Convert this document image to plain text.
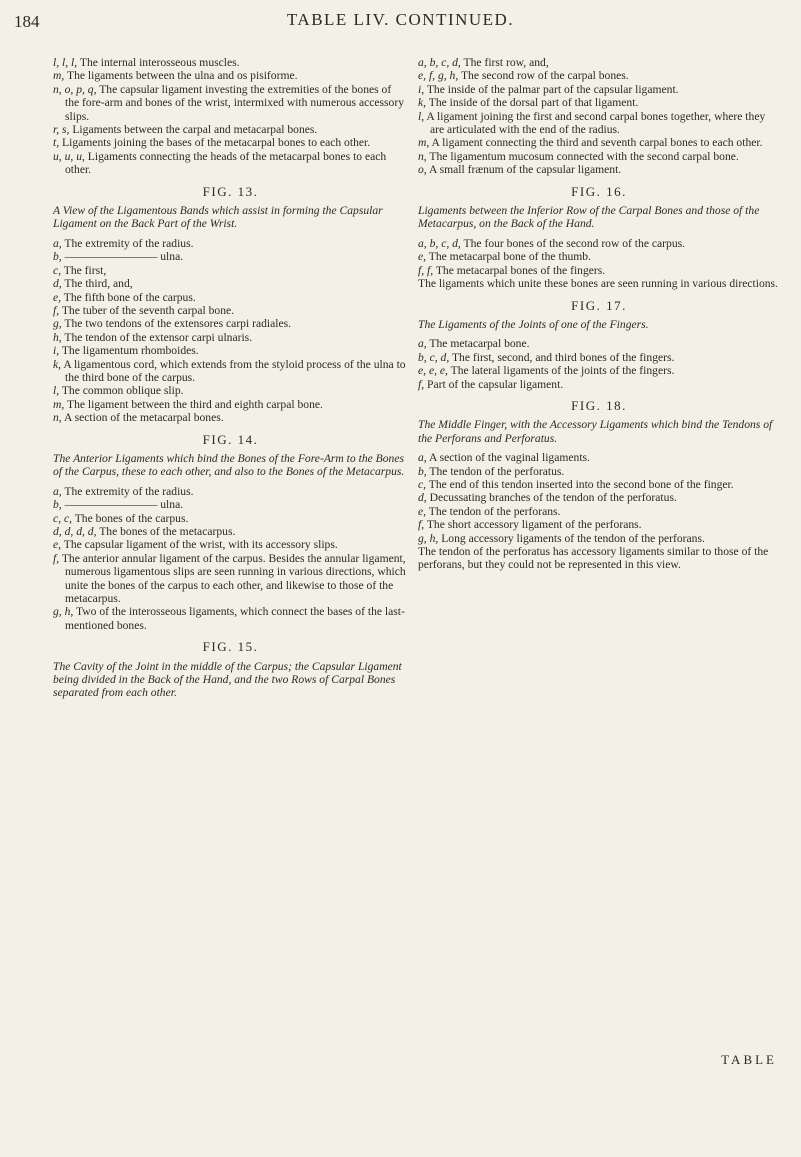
184	TABLE LIV. CONTINUED.

l, l, l, The internal interosseous muscles.

m, The ligaments between the ulna and os pisiforme.

n, o, p, q, The capsular ligament investing the extremities of the bones of the fore-arm and bones of the wrist, intermixed with numerous accessory slips.

r, s, Ligaments between the carpal and metacarpal bones.

t, Ligaments joining the bases of the metacarpal bones to each other.

u, u, u, Ligaments connecting the heads of the metacarpal bones to each other.

FIG. 13.

A View of the Ligamentous Bands which assist in forming the Capsular Ligament on the Back Part of the Wrist.

a, The extremity of the radius.

b, ———————— ulna.

c, The first,

d, The third, and,

e, The fifth bone of the carpus.

f, The tuber of the seventh carpal bone.

g, The two tendons of the extensores carpi radiales.

h, The tendon of the extensor carpi ulnaris.

i, The ligamentum rhomboides.

k, A ligamentous cord, which extends from the styloid process of the ulna to the third bone of the carpus.

l, The common oblique slip.

m, The ligament between the third and eighth carpal bone.

n, A section of the metacarpal bones.

FIG. 14.

The Anterior Ligaments which bind the Bones of the Fore-Arm to the Bones of the Carpus, these to each other, and also to the Bones of the Metacarpus.

a, The extremity of the radius.

b, ———————— ulna.

c, c, The bones of the carpus.

d, d, d, d, The bones of the metacarpus.

e, The capsular ligament of the wrist, with its accessory slips.

f, The anterior annular ligament of the carpus. Besides the annular ligament, numerous ligamentous slips are seen running in various directions, which unite the bones of the carpus to each other, and likewise to those of the metacarpus.

g, h, Two of the interosseous ligaments, which connect the bases of the last-mentioned bones.

FIG. 15.

The Cavity of the Joint in the middle of the Carpus; the Capsular Ligament being divided in the Back of the Hand, and the two Rows of Carpal Bones separated from each other.

a, b, c, d, The first row, and,

e, f, g, h, The second row of the carpal bones.

i, The inside of the palmar part of the capsular ligament.

k, The inside of the dorsal part of that ligament.

l, A ligament joining the first and second carpal bones together, where they are articulated with the end of the radius.

m, A ligament connecting the third and seventh carpal bones to each other.

n, The ligamentum mucosum connected with the second carpal bone.

o, A small frænum of the capsular ligament.

FIG. 16.

Ligaments between the Inferior Row of the Carpal Bones and those of the Metacarpus, on the Back of the Hand.

a, b, c, d, The four bones of the second row of the carpus.

e, The metacarpal bone of the thumb.

f, f, The metacarpal bones of the fingers.

The ligaments which unite these bones are seen running in various directions.

FIG. 17.

The Ligaments of the Joints of one of the Fingers.

a, The metacarpal bone.

b, c, d, The first, second, and third bones of the fingers.

e, e, e, The lateral ligaments of the joints of the fingers.

f, Part of the capsular ligament.

FIG. 18.

The Middle Finger, with the Accessory Ligaments which bind the Tendons of the Perforans and Perforatus.

a, A section of the vaginal ligaments.

b, The tendon of the perforatus.

c, The end of this tendon inserted into the second bone of the finger.

d, Decussating branches of the tendon of the perforatus.

e, The tendon of the perforans.

f, The short accessory ligament of the perforans.

g, h, Long accessory ligaments of the tendon of the perforans.

The tendon of the perforatus has accessory ligaments similar to those of the perforans, but they could not be represented in this view.

TABLE
